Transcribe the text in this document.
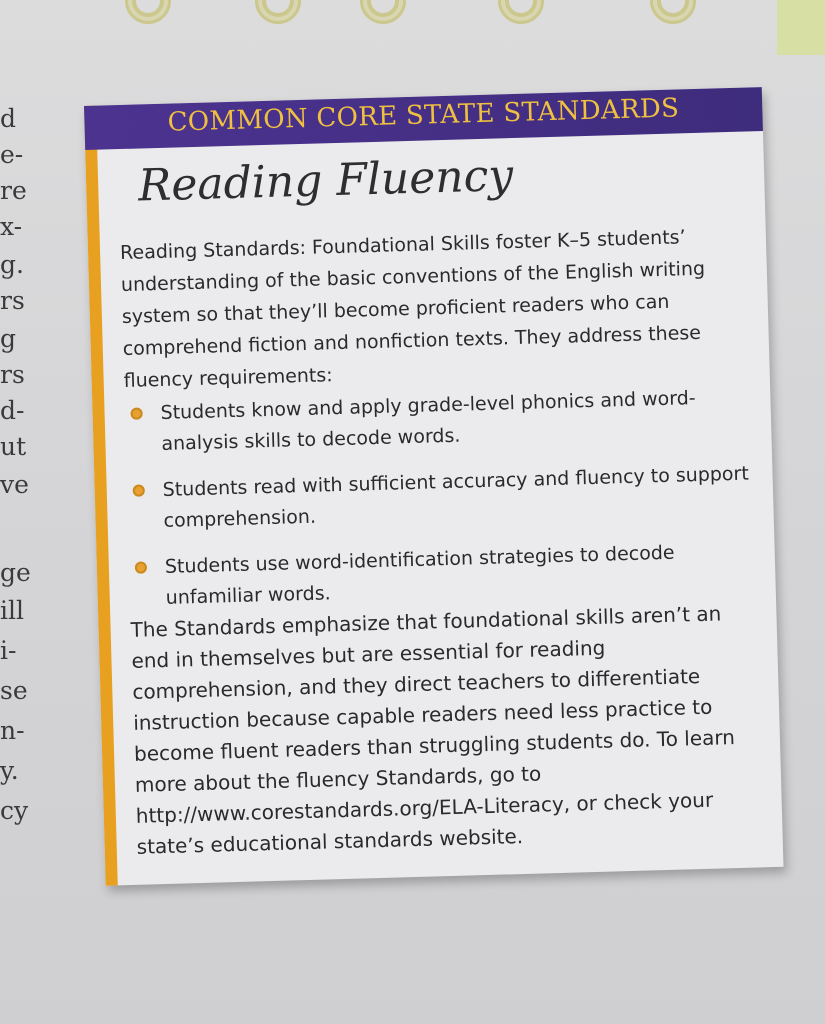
d
e-
re
x-
g.
rs
g
rs
d-
ut
ve
ge
ill
i-
se
n-
y.
cy
COMMON CORE STATE STANDARDS
Reading Fluency
Reading Standards: Foundational Skills foster K–5 students’ understanding of the basic conventions of the English writing system so that they’ll become proficient readers who can comprehend fiction and nonfiction texts. They address these fluency requirements:
Students know and apply grade-level phonics and word-analysis skills to decode words.
Students read with sufficient accuracy and fluency to support comprehension.
Students use word-identification strategies to decode unfamiliar words.
The Standards emphasize that foundational skills aren’t an end in themselves but are essential for reading comprehension, and they direct teachers to differentiate instruction because capable readers need less practice to become fluent readers than struggling students do. To learn more about the fluency Standards, go to http://www.corestandards.org/ELA-Literacy, or check your state’s educational standards website.
